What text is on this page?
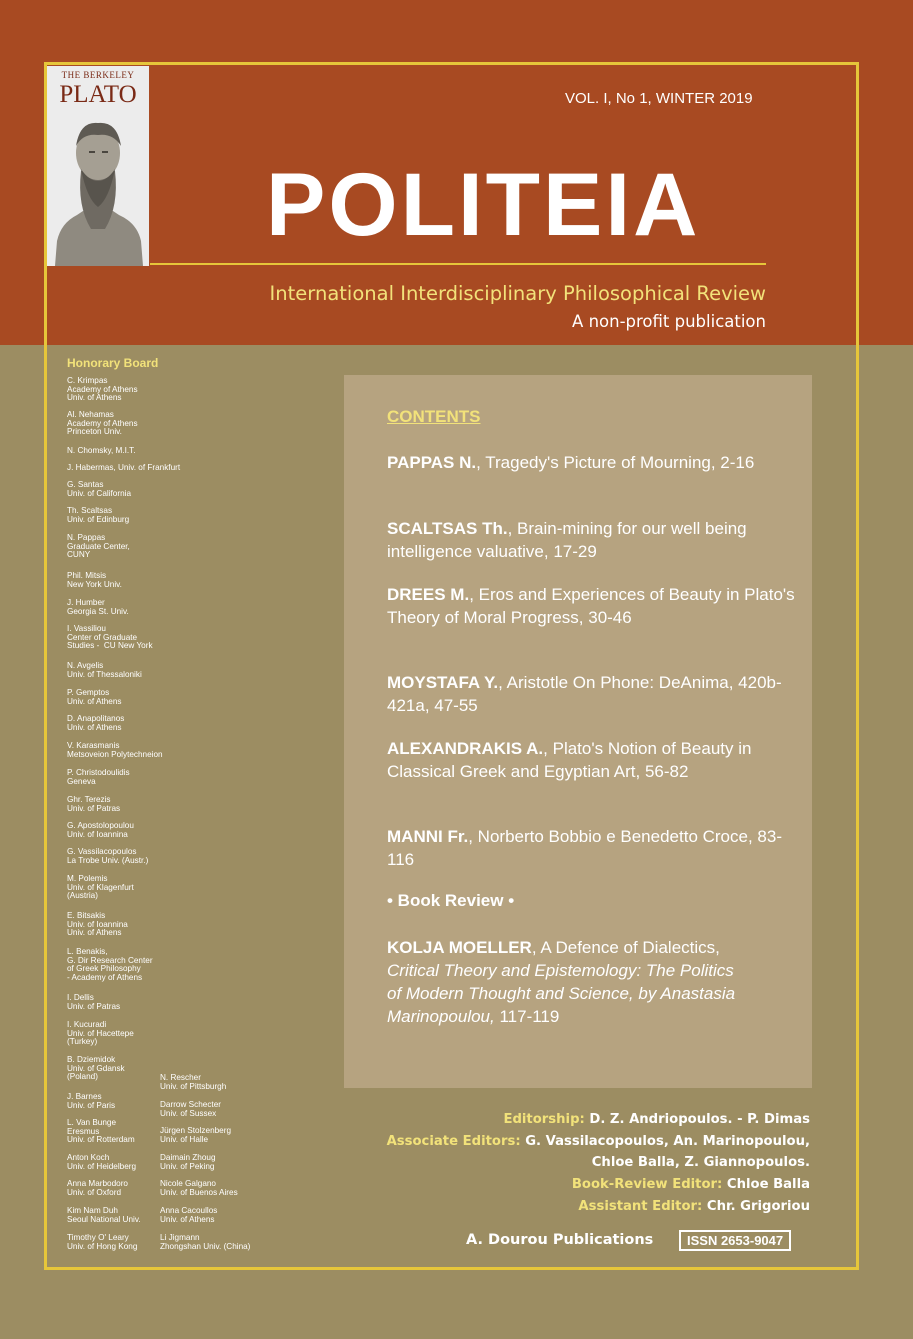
THE BERKELEY
PLATO	VOL. I, No 1, WINTER 2019
POLITEIA
International Interdisciplinary Philosophical Review
A non-profit publication
Honorary Board
C. Krimpas
Academy of Athens
Univ. of Athens
Al. Nehamas
Academy of Athens
Princeton Univ.
N. Chomsky, M.I.T.
J. Habermas, Univ. of Frankfurt
G. Santas
Univ. of California
Th. Scaltsas
Univ. of Edinburg
N. Pappas
Graduate Center,
CUNY
Phil. Mitsis
New York Univ.
J. Humber
Georgia St. Univ.
I. Vassiliou
Center of Graduate
Studies -  CU New York
N. Avgelis
Univ. of Thessaloniki
P. Gemptos
Univ. of Athens
D. Anapolitanos
Univ. of Athens
V. Karasmanis
Metsoveion Polytechneion
P. Christodoulidis
Geneva
Ghr. Terezis
Univ. of Patras
G. Apostolopoulou
Univ. of Ioannina
G. Vassilacopoulos
La Trobe Univ. (Austr.)
M. Polemis
Univ. of Klagenfurt
(Austria)
E. Bitsakis
Univ. of Ioannina
Univ. of Athens
L. Benakis,
G. Dir Research Center
of Greek Philosophy
- Academy of Athens
I. Dellis
Univ. of Patras
I. Kucuradi
Univ. of Hacettepe
(Turkey)
B. Dziemidok
Univ. of Gdansk
(Poland)
J. Barnes
Univ. of Paris
L. Van Bunge
Eresmus
Univ. of Rotterdam
Anton Koch
Univ. of Heidelberg
Anna Marbodoro
Univ. of Oxford
Kim Nam Duh
Seoul National Univ.
Timothy O' Leary
Univ. of Hong Kong
N. Rescher
Univ. of Pittsburgh
Darrow Schecter
Univ. of Sussex
Jürgen Stolzenberg
Univ. of Halle
Daimain Zhoug
Univ. of Peking
Nicole Galgano
Univ. of Buenos Aires
Anna Cacoullos
Univ. of Athens
Li Jigmann
Zhongshan Univ. (China)
CONTENTS
PAPPAS N., Tragedy's Picture of Mourning, 2-16
SCALTSAS Th., Brain-mining for our well being intelligence valuative, 17-29
DREES M., Eros and Experiences of Beauty in Plato's Theory of Moral Progress, 30-46
MOYSTAFA Y., Aristotle On Phone: DeAnima, 420b-421a, 47-55
ALEXANDRAKIS A., Plato's Notion of Beauty in Classical Greek and Egyptian Art, 56-82
MANNI Fr., Norberto Bobbio e Benedetto Croce, 83-116
• Book Review •
KOLJA MOELLER, A Defence of Dialectics, Critical Theory and Epistemology: The Politics of Modern Thought and Science, by Anastasia Marinopoulou, 117-119
Editorship: D. Z. Andriopoulos. - P. Dimas
Associate Editors: G. Vassilacopoulos, An. Marinopoulou,
Chloe Balla, Z. Giannopoulos.
Book-Review Editor: Chloe Balla
Assistant Editor: Chr. Grigoriou
A. Dourou Publications	ISSN 2653-9047
